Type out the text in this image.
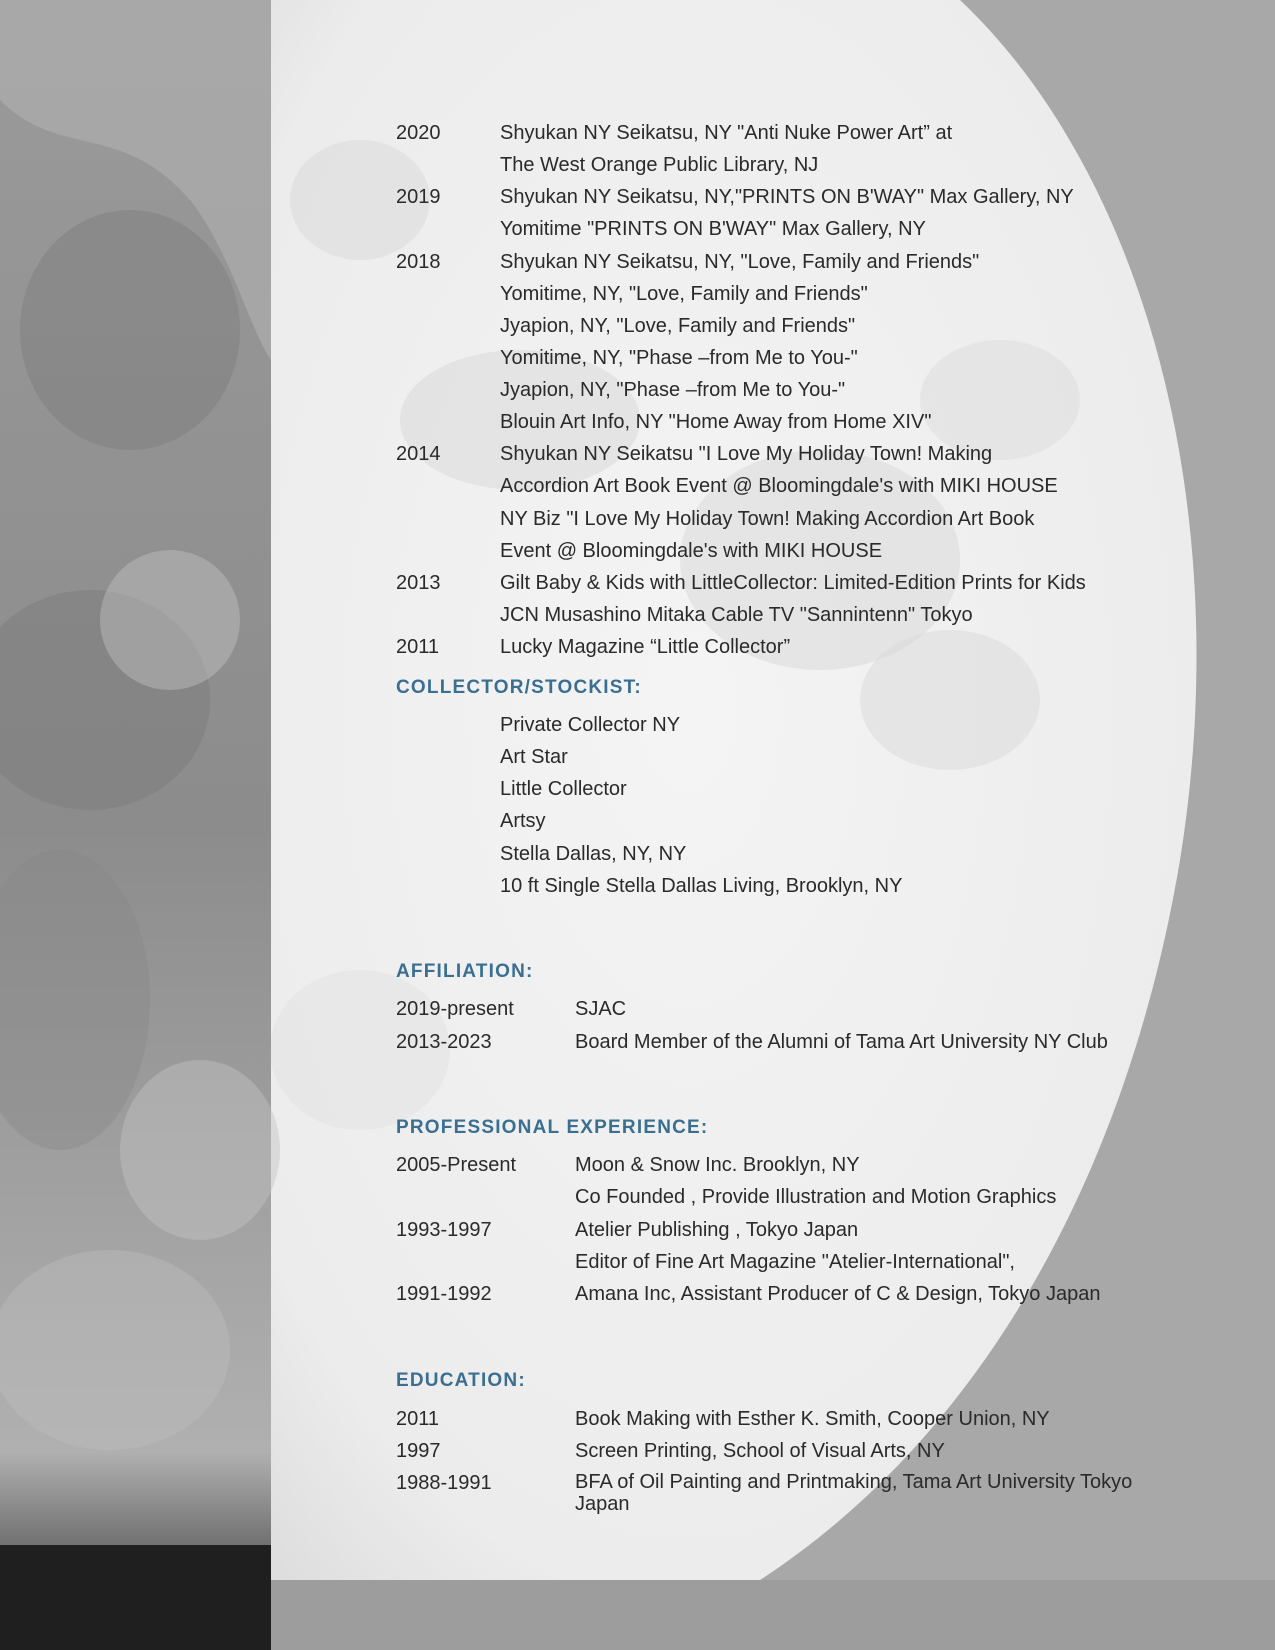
2020	Shyukan NY Seikatsu, NY "Anti Nuke Power Art” at
The West Orange Public Library, NJ
2019	Shyukan NY Seikatsu, NY,"PRINTS ON B'WAY" Max Gallery, NY
Yomitime "PRINTS ON B'WAY" Max Gallery, NY
2018	Shyukan NY Seikatsu, NY, "Love, Family and Friends"
Yomitime, NY, "Love, Family and Friends"
Jyapion, NY, "Love, Family and Friends"
Yomitime, NY, "Phase –from Me to You-"
Jyapion, NY, "Phase –from Me to You-"
Blouin Art Info, NY "Home Away from Home XIV"
2014	Shyukan NY Seikatsu "I Love My Holiday Town! Making
Accordion Art Book Event @ Bloomingdale's with MIKI HOUSE
NY Biz "I Love My Holiday Town! Making Accordion Art Book
Event @ Bloomingdale's with MIKI HOUSE
2013	Gilt Baby & Kids with LittleCollector: Limited-Edition Prints for Kids
JCN Musashino Mitaka Cable TV "Sannintenn" Tokyo
2011	Lucky Magazine “Little Collector”
COLLECTOR/STOCKIST:
Private Collector NY
Art Star
Little Collector
Artsy
Stella Dallas, NY, NY
10 ft Single Stella Dallas Living, Brooklyn, NY
AFFILIATION:
2019-present	SJAC
2013-2023	Board Member of the Alumni of Tama Art University NY Club
PROFESSIONAL EXPERIENCE:
2005-Present	Moon & Snow Inc. Brooklyn, NY
Co Founded , Provide Illustration and Motion Graphics
1993-1997	Atelier Publishing , Tokyo Japan
Editor of Fine Art Magazine "Atelier-International",
1991-1992	Amana Inc, Assistant Producer of C & Design, Tokyo Japan
EDUCATION:
2011	Book Making with Esther K. Smith, Cooper Union, NY
1997	Screen Printing, School of Visual Arts, NY
1988-1991	BFA of Oil Painting and Printmaking, Tama Art University Tokyo Japan
